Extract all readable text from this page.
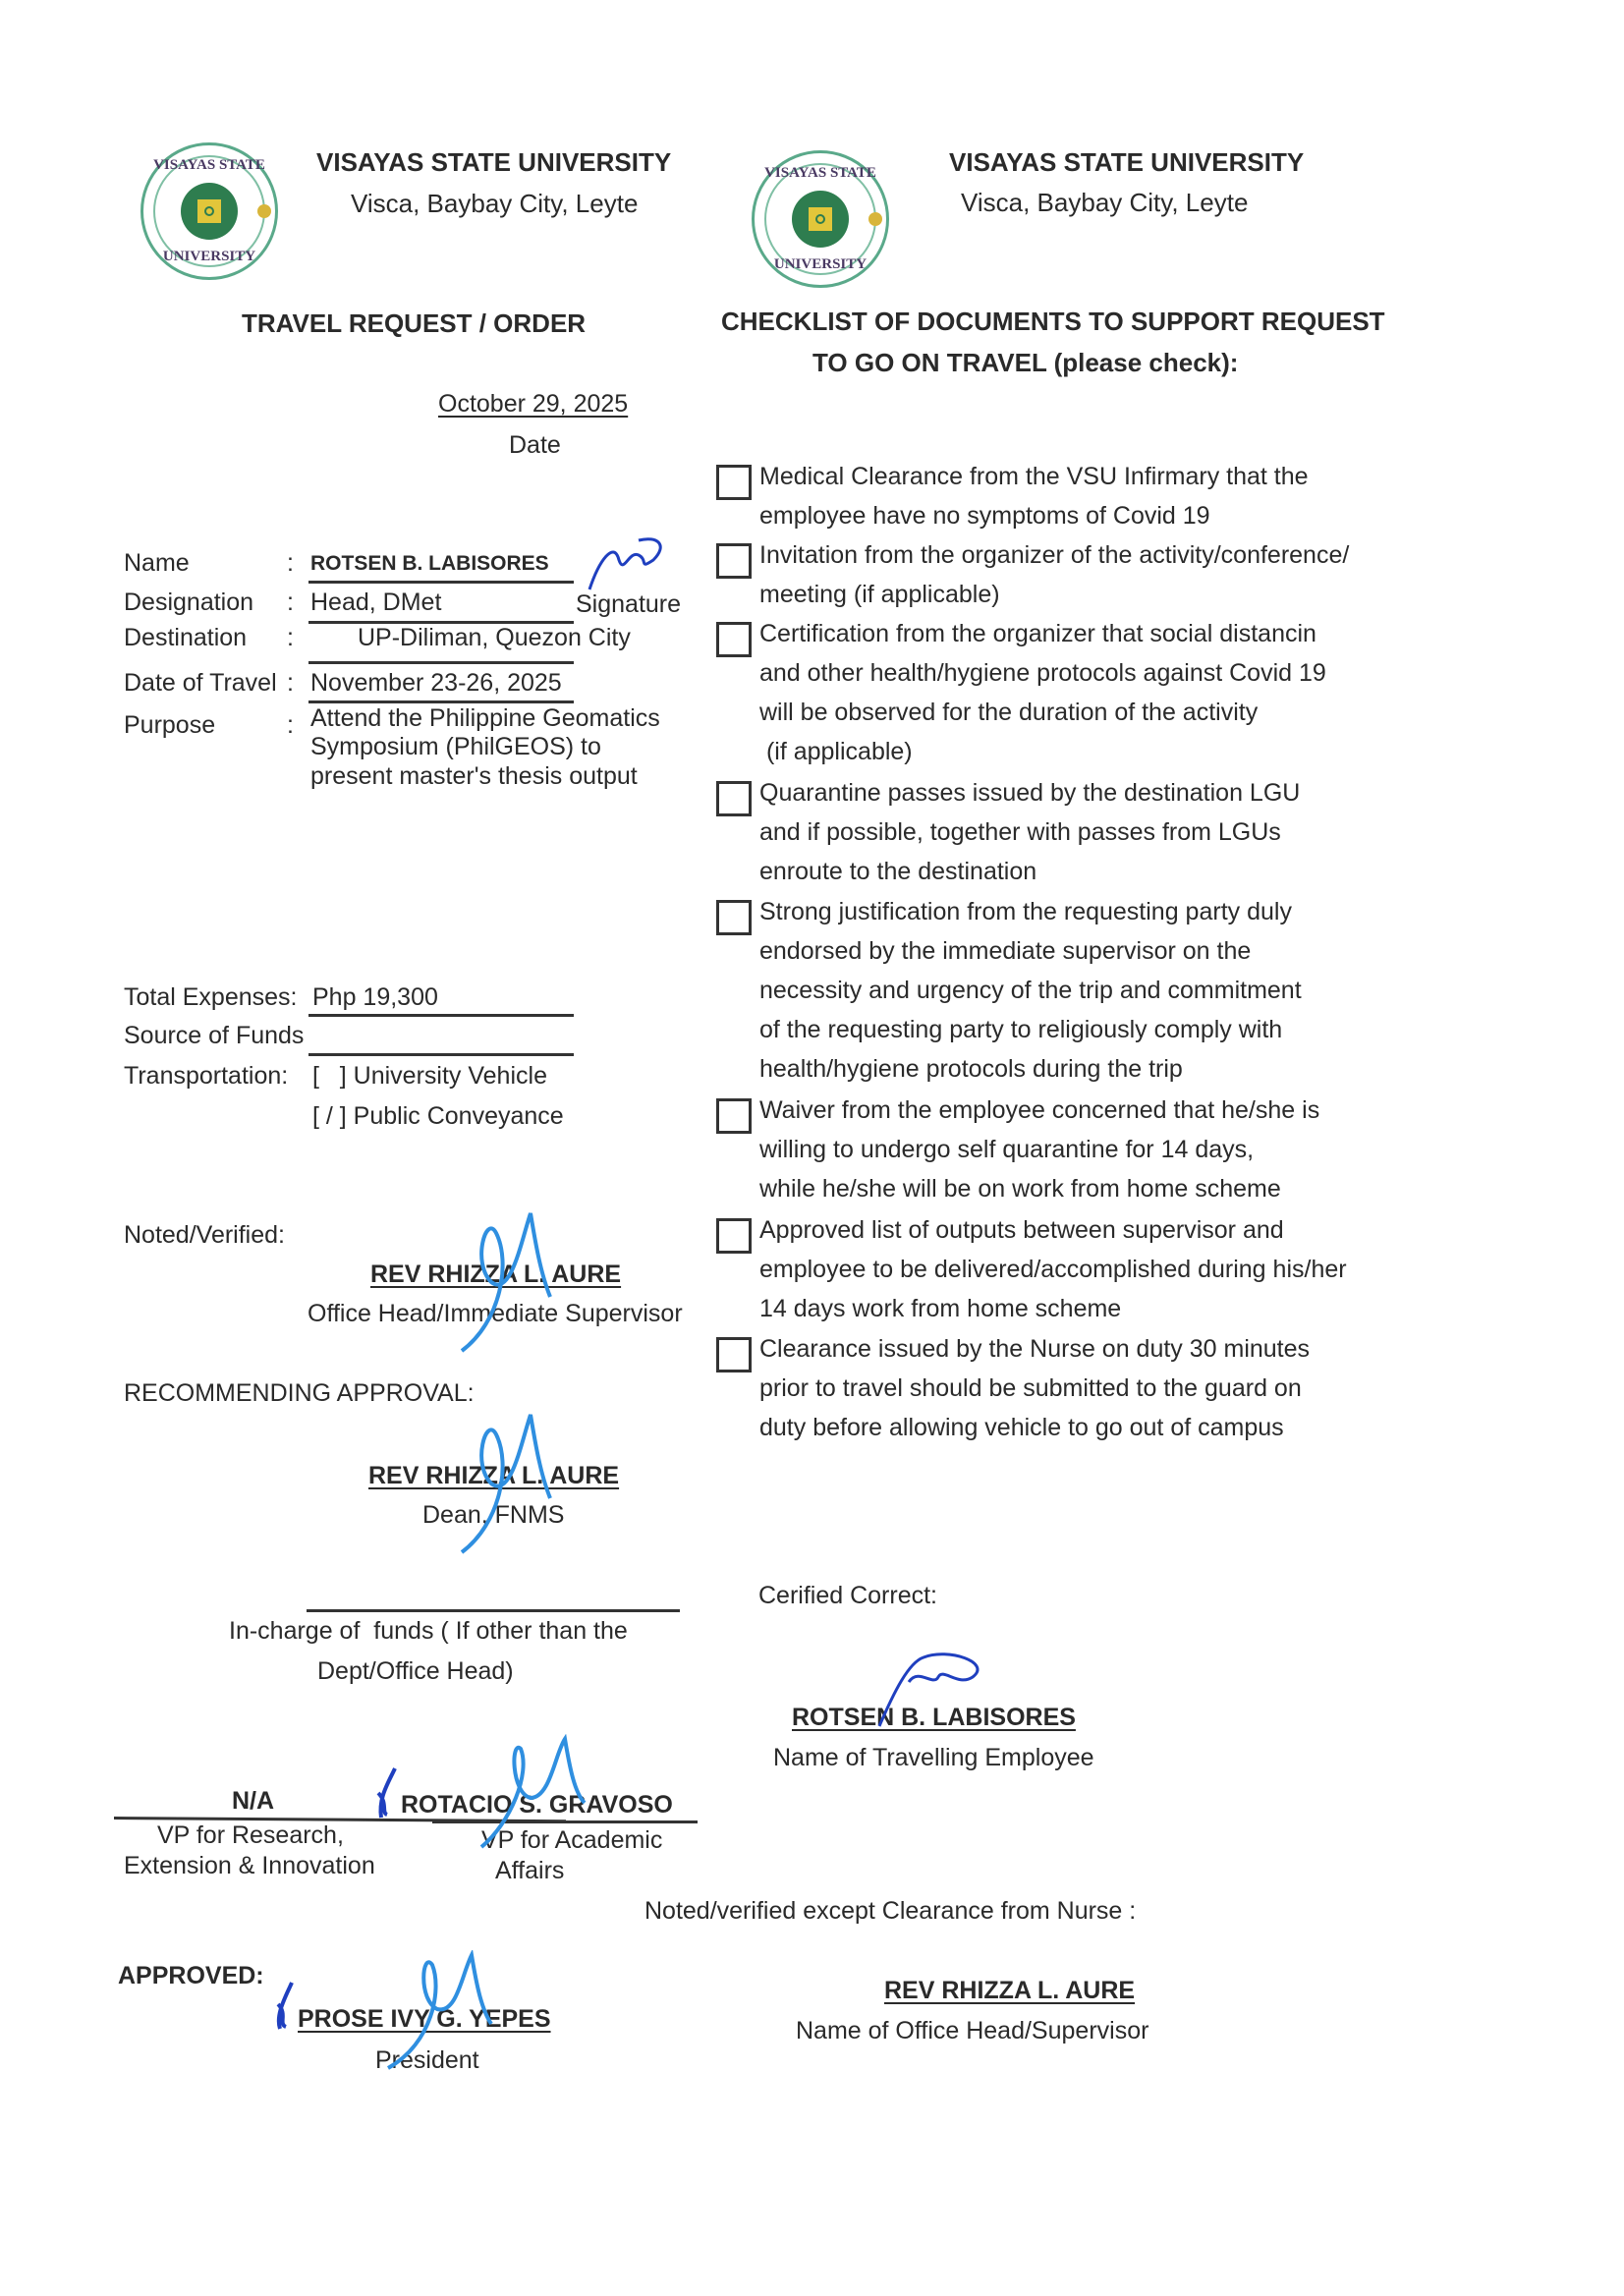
VISAYAS STATE
UNIVERSITY
VISAYAS STATE UNIVERSITY
Visca, Baybay City, Leyte
VISAYAS STATE
UNIVERSITY
VISAYAS STATE UNIVERSITY
Visca, Baybay City, Leyte
TRAVEL REQUEST / ORDER
October 29, 2025
Date
Name	: ROTSEN B. LABISORES
Signature
Designation : Head, DMet
Destination :	UP-Diliman, Quezon City
Date of Travel : November 23-26, 2025
Purpose	: Attend the Philippine Geomatics
Symposium (PhilGEOS) to
present master's thesis output
Total Expenses: Php 19,300
Source of Funds
Transportation: [   ] University Vehicle
[ / ] Public Conveyance
Noted/Verified:
REV RHIZZA L. AURE
Office Head/Immediate Supervisor
RECOMMENDING APPROVAL:
REV RHIZZA L. AURE
Dean, FNMS
In-charge of  funds ( If other than the
Dept/Office Head)
N/A	ROTACIO S. GRAVOSO
VP for Research,
Extension & Innovation
VP for Academic
Affairs
APPROVED:
PROSE IVY G. YEPES
President
CHECKLIST OF DOCUMENTS TO SUPPORT REQUEST
TO GO ON TRAVEL (please check):
Medical Clearance from the VSU Infirmary that the
employee have no symptoms of Covid 19
Invitation from the organizer of the activity/conference/
meeting (if applicable)
Certification from the organizer that social distancin
and other health/hygiene protocols against Covid 19
will be observed for the duration of the activity
(if applicable)
Quarantine passes issued by the destination LGU
and if possible, together with passes from LGUs
enroute to the destination
Strong justification from the requesting party duly
endorsed by the immediate supervisor on the
necessity and urgency of the trip and commitment
of the requesting party to religiously comply with
health/hygiene protocols during the trip
Waiver from the employee concerned that he/she is
willing to undergo self quarantine for 14 days,
while he/she will be on work from home scheme
Approved list of outputs between supervisor and
employee to be delivered/accomplished during his/her
14 days work from home scheme
Clearance issued by the Nurse on duty 30 minutes
prior to travel should be submitted to the guard on
duty before allowing vehicle to go out of campus
Cerified Correct:
ROTSEN B. LABISORES
Name of Travelling Employee
Noted/verified except Clearance from Nurse :
REV RHIZZA L. AURE
Name of Office Head/Supervisor
